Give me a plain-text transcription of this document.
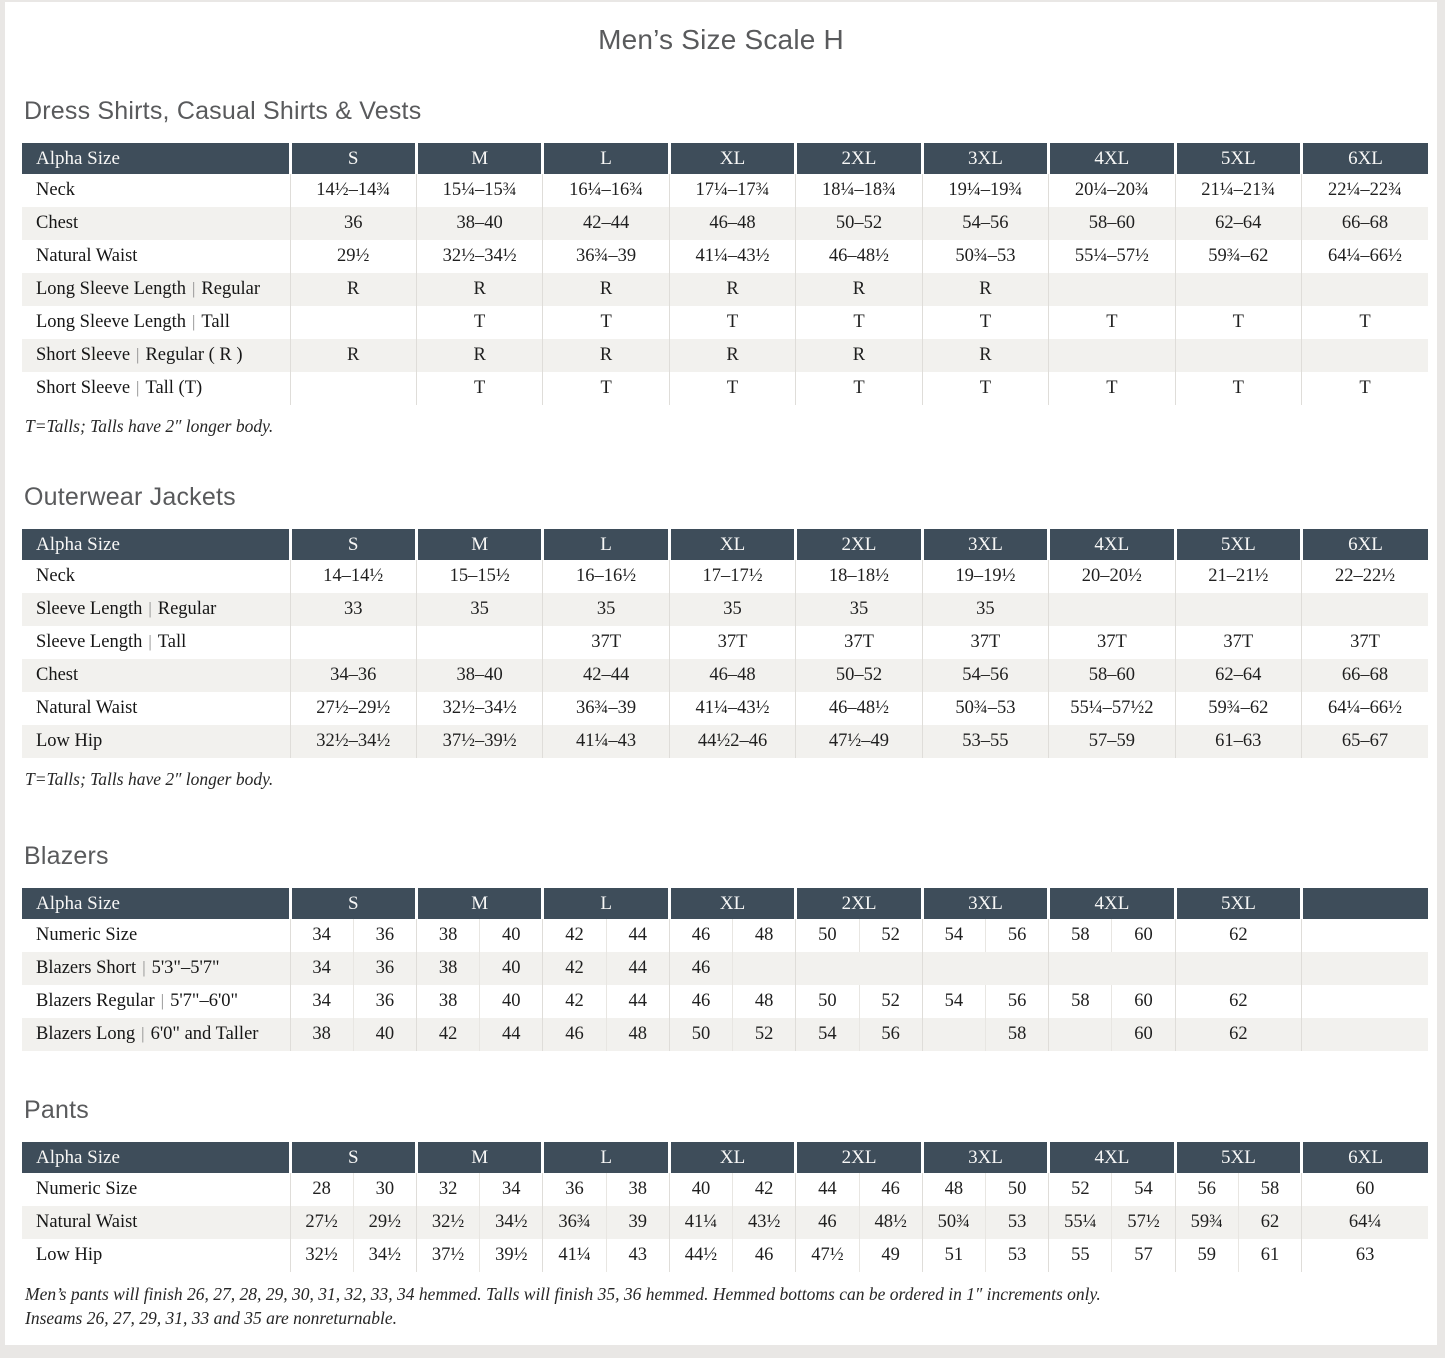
Men’s Size Scale H
Dress Shirts, Casual Shirts & Vests
Alpha Size	S	M	L	XL	2XL	3XL	4XL	5XL	6XL
Neck	14½–14¾	15¼–15¾	16¼–16¾	17¼–17¾	18¼–18¾	19¼–19¾	20¼–20¾	21¼–21¾	22¼–22¾
Chest	36	38–40	42–44	46–48	50–52	54–56	58–60	62–64	66–68
Natural Waist	29½	32½–34½	36¾–39	41¼–43½	46–48½	50¾–53	55¼–57½	59¾–62	64¼–66½
Long Sleeve Length | Regular	R	R	R	R	R	R			
Long Sleeve Length | Tall		T	T	T	T	T	T	T	T
Short Sleeve | Regular ( R )	R	R	R	R	R	R			
Short Sleeve | Tall (T)		T	T	T	T	T	T	T	T
T=Talls; Talls have 2″ longer body.
Outerwear Jackets
Alpha Size	S	M	L	XL	2XL	3XL	4XL	5XL	6XL
Neck	14–14½	15–15½	16–16½	17–17½	18–18½	19–19½	20–20½	21–21½	22–22½
Sleeve Length | Regular	33	35	35	35	35	35			
Sleeve Length | Tall			37T	37T	37T	37T	37T	37T	37T
Chest	34–36	38–40	42–44	46–48	50–52	54–56	58–60	62–64	66–68
Natural Waist	27½–29½	32½–34½	36¾–39	41¼–43½	46–48½	50¾–53	55¼–57½2	59¾–62	64¼–66½
Low Hip	32½–34½	37½–39½	41¼–43	44½2–46	47½–49	53–55	57–59	61–63	65–67
T=Talls; Talls have 2″ longer body.
Blazers
Alpha Size	S		M		L		XL		2XL		3XL		4XL		5XL	
Numeric Size	34	36	38	40	42	44	46	48	50	52	54	56	58	60	62	
Blazers Short | 5'3"–5'7"	34	36	38	40	42	44	46									
Blazers Regular | 5'7"–6'0"	34	36	38	40	42	44	46	48	50	52	54	56	58	60	62	
Blazers Long | 6'0" and Taller	38	40	42	44	46	48	50	52	54	56		58		60	62	
Pants
Alpha Size	S		M		L		XL		2XL		3XL		4XL		5XL		6XL
Numeric Size	28	30	32	34	36	38	40	42	44	46	48	50	52	54	56	58	60
Natural Waist	27½	29½	32½	34½	36¾	39	41¼	43½	46	48½	50¾	53	55¼	57½	59¾	62	64¼
Low Hip	32½	34½	37½	39½	41¼	43	44½	46	47½	49	51	53	55	57	59	61	63
Men’s pants will finish 26, 27, 28, 29, 30, 31, 32, 33, 34 hemmed. Talls will finish 35, 36 hemmed. Hemmed bottoms can be ordered in 1″ increments only.
Inseams 26, 27, 29, 31, 33 and 35 are nonreturnable.
